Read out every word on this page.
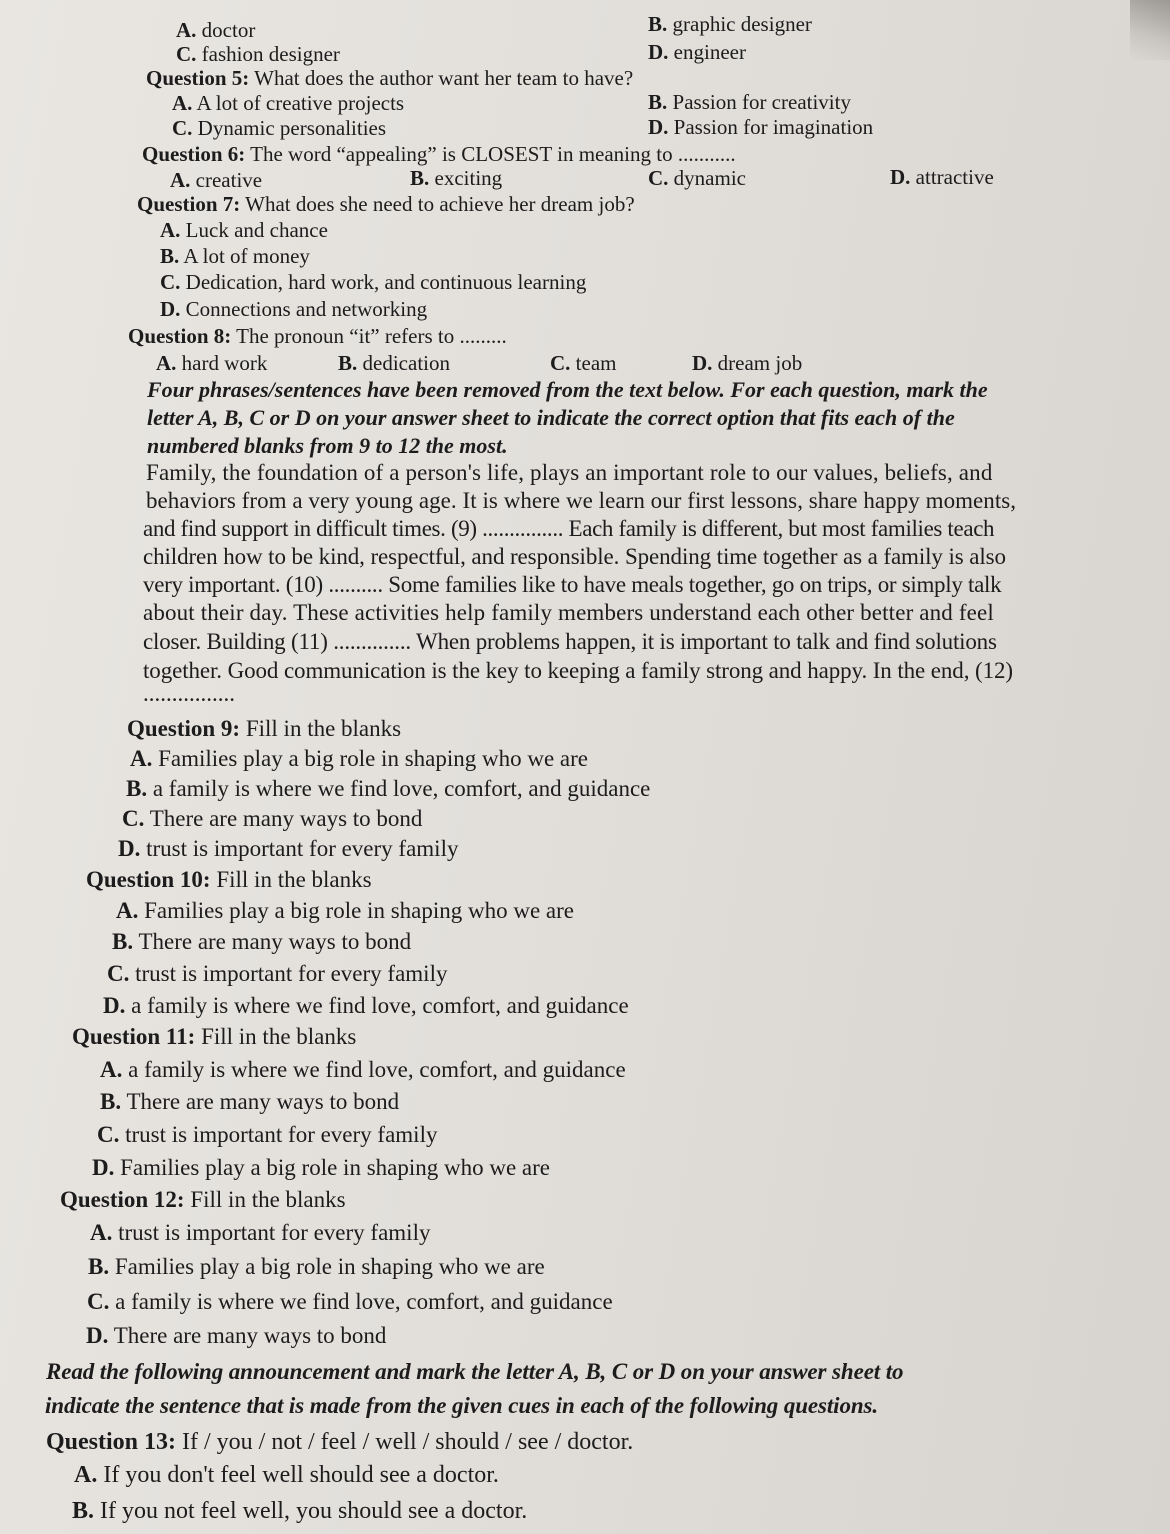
A. doctor	B. graphic designer
C. fashion designer	D. engineer
Question 5: What does the author want her team to have?
A. A lot of creative projects	B. Passion for creativity
C. Dynamic personalities	D. Passion for imagination
Question 6: The word “appealing” is CLOSEST in meaning to ...........
A. creative	B. exciting	C. dynamic	D. attractive
Question 7: What does she need to achieve her dream job?
A. Luck and chance
B. A lot of money
C. Dedication, hard work, and continuous learning
D. Connections and networking
Question 8: The pronoun “it” refers to .........
A. hard work	B. dedication	C. team	D. dream job
Four phrases/sentences have been removed from the text below. For each question, mark the
letter A, B, C or D on your answer sheet to indicate the correct option that fits each of the
numbered blanks from 9 to 12 the most.
Family, the foundation of a person's life, plays an important role to our values, beliefs, and
behaviors from a very young age. It is where we learn our first lessons, share happy moments,
and find support in difficult times. (9) ............... Each family is different, but most families teach
children how to be kind, respectful, and responsible. Spending time together as a family is also
very important. (10) .......... Some families like to have meals together, go on trips, or simply talk
about their day. These activities help family members understand each other better and feel
closer. Building (11) .............. When problems happen, it is important to talk and find solutions
together. Good communication is the key to keeping a family strong and happy. In the end, (12)
................
Question 9: Fill in the blanks
A. Families play a big role in shaping who we are
B. a family is where we find love, comfort, and guidance
C. There are many ways to bond
D. trust is important for every family
Question 10: Fill in the blanks
A. Families play a big role in shaping who we are
B. There are many ways to bond
C. trust is important for every family
D. a family is where we find love, comfort, and guidance
Question 11: Fill in the blanks
A. a family is where we find love, comfort, and guidance
B. There are many ways to bond
C. trust is important for every family
D. Families play a big role in shaping who we are
Question 12: Fill in the blanks
A. trust is important for every family
B. Families play a big role in shaping who we are
C. a family is where we find love, comfort, and guidance
D. There are many ways to bond
Read the following announcement and mark the letter A, B, C or D on your answer sheet to
indicate the sentence that is made from the given cues in each of the following questions.
Question 13: If / you / not / feel / well / should / see / doctor.
A. If you don't feel well should see a doctor.
B. If you not feel well, you should see a doctor.
